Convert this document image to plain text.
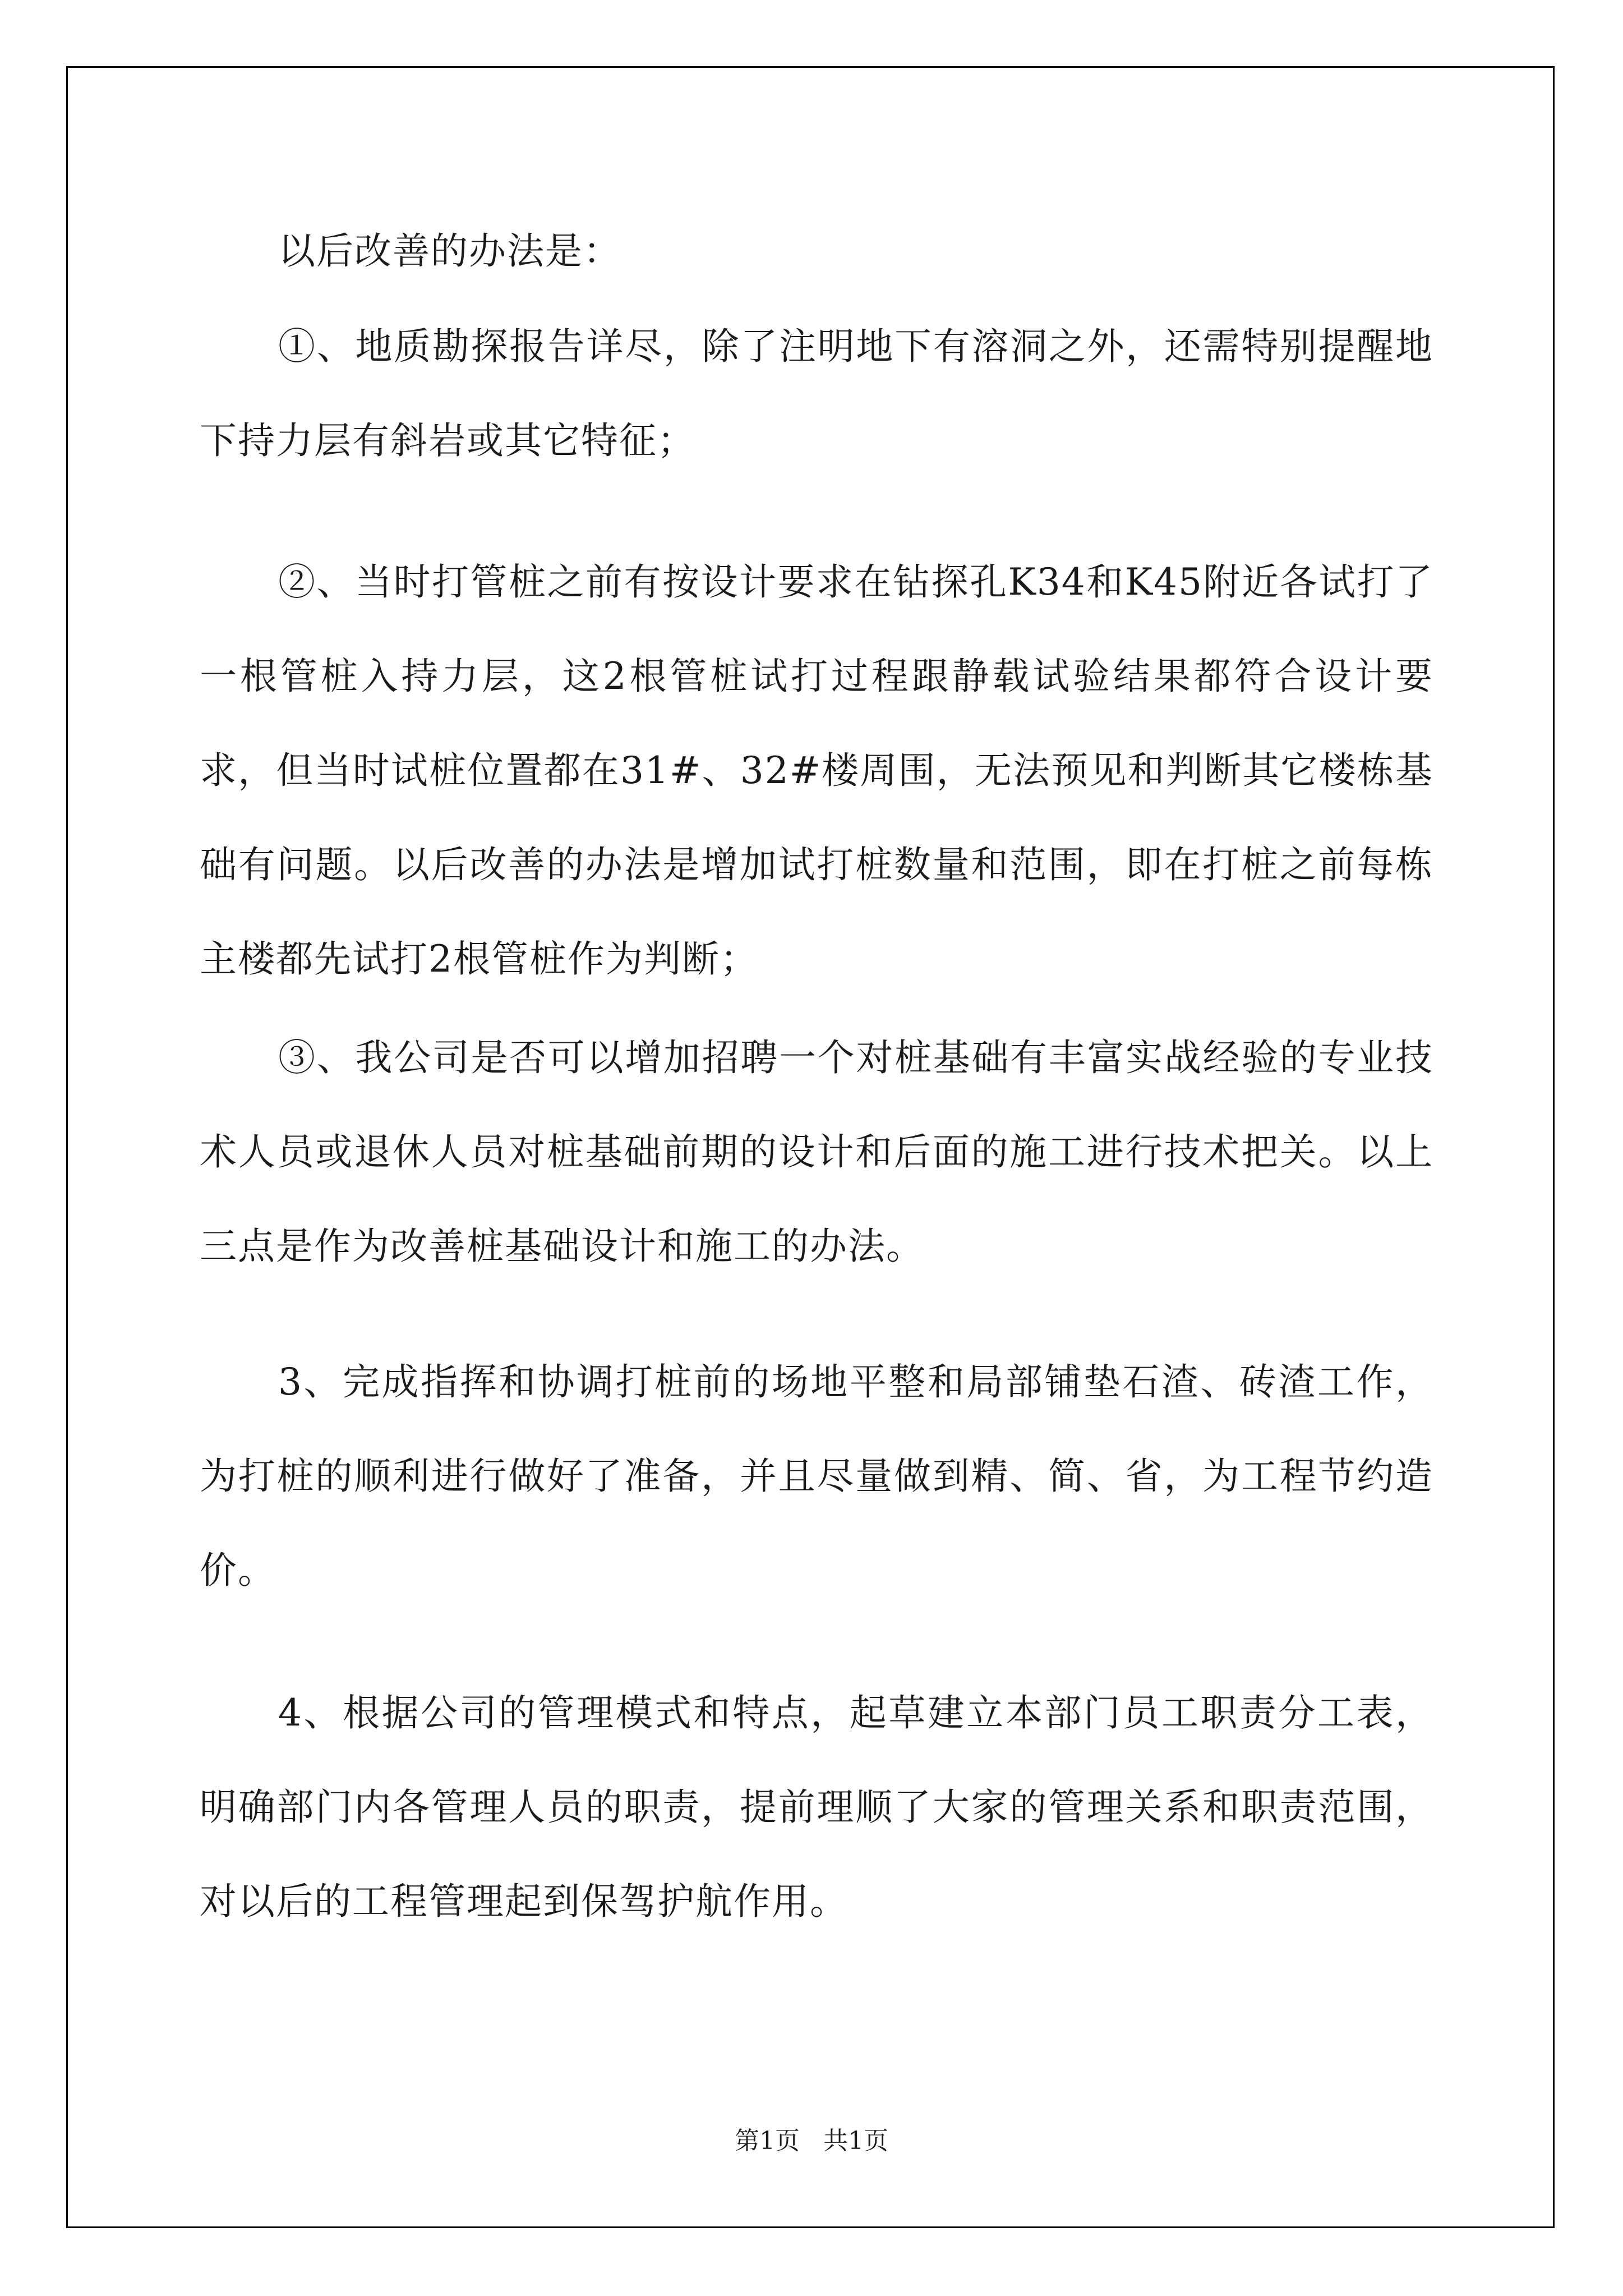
以后改善的办法是：

①、地质勘探报告详尽，除了注明地下有溶洞之外，还需特别提醒地下持力层有斜岩或其它特征；

②、当时打管桩之前有按设计要求在钻探孔K34和K45附近各试打了一根管桩入持力层，这2根管桩试打过程跟静载试验结果都符合设计要求，但当时试桩位置都在31#、32#楼周围，无法预见和判断其它楼栋基础有问题。以后改善的办法是增加试打桩数量和范围，即在打桩之前每栋主楼都先试打2根管桩作为判断；

③、我公司是否可以增加招聘一个对桩基础有丰富实战经验的专业技术人员或退休人员对桩基础前期的设计和后面的施工进行技术把关。以上三点是作为改善桩基础设计和施工的办法。

3、完成指挥和协调打桩前的场地平整和局部铺垫石渣、砖渣工作，为打桩的顺利进行做好了准备，并且尽量做到精、简、省，为工程节约造价。

4、根据公司的管理模式和特点，起草建立本部门员工职责分工表，明确部门内各管理人员的职责，提前理顺了大家的管理关系和职责范围，对以后的工程管理起到保驾护航作用。

第1页   共1页
